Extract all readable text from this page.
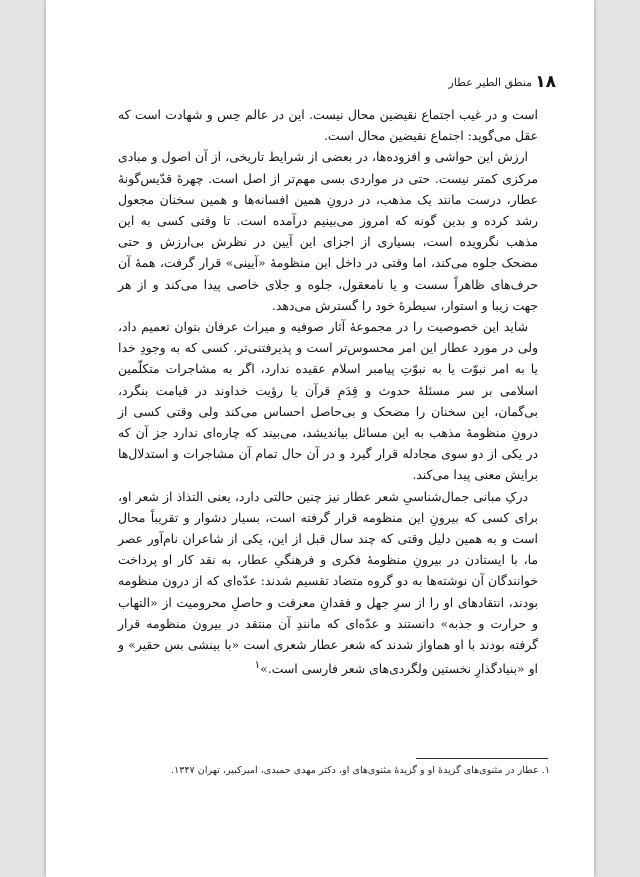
۱۸
منطق الطیر عطار

است و در غیب اجتماع نقیضین محال نیست. این در عالم حِس و شهادت است که عقل می‌گوید: اجتماع نقیضین محال است.

ارزش این حواشی و افزوده‌ها، در بعضی از شرایط تاریخی، از آن اصول و مبادی مرکزی کمتر نیست. حتی در مواردی بسی مهم‌تر از اصل است. چهرهٔ قدّیس‌گونهٔ عطار، درست مانند یک مذهب، در درونِ همین افسانه‌ها و همین سخنان مجعول رشد کرده و بدین گونه که امروز می‌بینیم درآمده است. تا وقتی کسی به این مذهب نگرویده است، بسیاری از اجزای این آیین در نظرش بی‌ارزش و حتی مضحک جلوه می‌کند، اما وقتی در داخل این منظومهٔ «آیینی» قرار گرفت، همهٔ آن حرف‌های ظاهراً سست و یا نامعقول، جلوه و جلای خاصی پیدا می‌کند و از هر جهت زیبا و استوار، سیطرهٔ خود را گسترش می‌دهد.

شاید این خصوصیت را در مجموعهٔ آثار صوفیه و میراث عرفان بتوان تعمیم داد، ولی در مورد عطار این امر محسوس‌تر است و پذیرفتنی‌تر. کسی که به وجودِ خدا یا به امر نبوّت یا به نبوّتِ پیامبر اسلام عقیده ندارد، اگر به مشاجرات متکلّمین اسلامی بر سر مسئلهٔ حدوث و قِدَمِ قرآن یا رؤیت خداوند در قیامت بنگرد، بی‌گمان، این سخنان را مضحک و بی‌حاصل احساس می‌کند ولی وقتی کسی از درونِ منظومهٔ مذهب به این مسائل بیاندیشد، می‌بیند که چاره‌ای ندارد جز آن که در یکی از دو سوی مجادله قرار گیرد و در آن حال تمام آن مشاجرات و استدلال‌ها برایش معنی پیدا می‌کند.

درکِ مبانی جمال‌شناسیِ شعر عطار نیز چنین حالتی دارد، یعنی التذاذ از شعر او، برای کسی که بیرونِ این منظومه قرار گرفته است، بسیار دشوار و تقریباً محال است و به همین دلیل وقتی که چند سال قبل از این، یکی از شاعران نام‌آور عصر ما، با ایستادن در بیرونِ منظومهٔ فکری و فرهنگیِ عطار، به نقد کار او پرداخت خوانندگان آن نوشته‌ها به دو گروه متضاد تقسیم شدند: عدّه‌ای که از درون منظومه بودند، انتقادهای او را از سرِ جهل و فقدانِ معرفت و حاصلِ محرومیت از «التهاب و حرارت و جذبه» دانستند و عدّه‌ای که مانندِ آن منتقد در بیرون منظومه قرار گرفته بودند با او هماواز شدند که شعر عطار شعری است «با بینشی بس حقیر» و او «بنیادگذارِ نخستین ولگردی‌های شعر فارسی است.»$^۱$

۱. عطار در مثنوی‌های گزیدهٔ او و گزیدهٔ مثنوی‌های او، دکتر مهدی حمیدی، امیرکبیر، تهران ۱۳۴۷.
